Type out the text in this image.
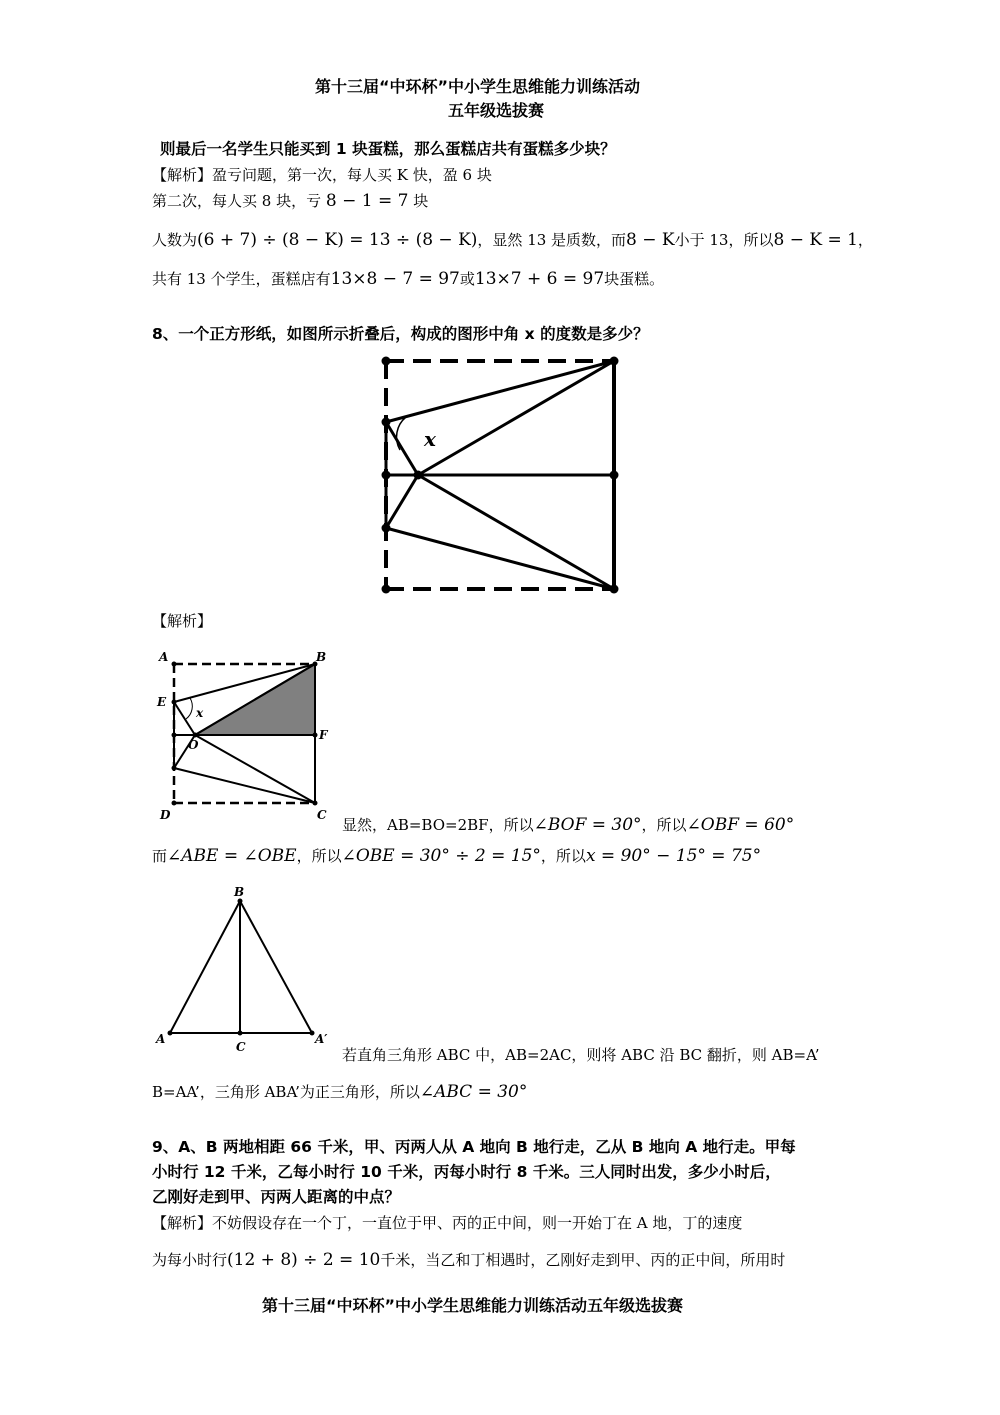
第十三届“中环杯”中小学生思维能力训练活动
五年级选拔赛
则最后一名学生只能买到 1 块蛋糕，那么蛋糕店共有蛋糕多少块？
【解析】盈亏问题，第一次，每人买 K 快，盈 6 块
第二次，每人买 8 块，亏 8 − 1 = 7 块
人数为(6 + 7) ÷ (8 − K) = 13 ÷ (8 − K)，显然 13 是质数，而8 − K小于 13，所以8 − K = 1，
共有 13 个学生，蛋糕店有13×8 − 7 = 97或13×7 + 6 = 97块蛋糕。
8、一个正方形纸，如图所示折叠后，构成的图形中角 x 的度数是多少？
x
【解析】
A	B
E
x
O
F
D	C
显然，AB=BO=2BF，所以∠BOF = 30°，所以∠OBF = 60°
而∠ABE = ∠OBE，所以∠OBE = 30° ÷ 2 = 15°，所以x = 90° − 15° = 75°
B
A
C
A′
若直角三角形 ABC 中，AB=2AC，则将 ABC 沿 BC 翻折，则 AB=A’
B=AA’，三角形 ABA’为正三角形，所以∠ABC = 30°
9、A、B 两地相距 66 千米，甲、丙两人从 A 地向 B 地行走，乙从 B 地向 A 地行走。甲每
小时行 12 千米，乙每小时行 10 千米，丙每小时行 8 千米。三人同时出发，多少小时后，
乙刚好走到甲、丙两人距离的中点？
【解析】不妨假设存在一个丁，一直位于甲、丙的正中间，则一开始丁在 A 地，丁的速度
为每小时行(12 + 8) ÷ 2 = 10千米，当乙和丁相遇时，乙刚好走到甲、丙的正中间，所用时
第十三届“中环杯”中小学生思维能力训练活动五年级选拔赛
